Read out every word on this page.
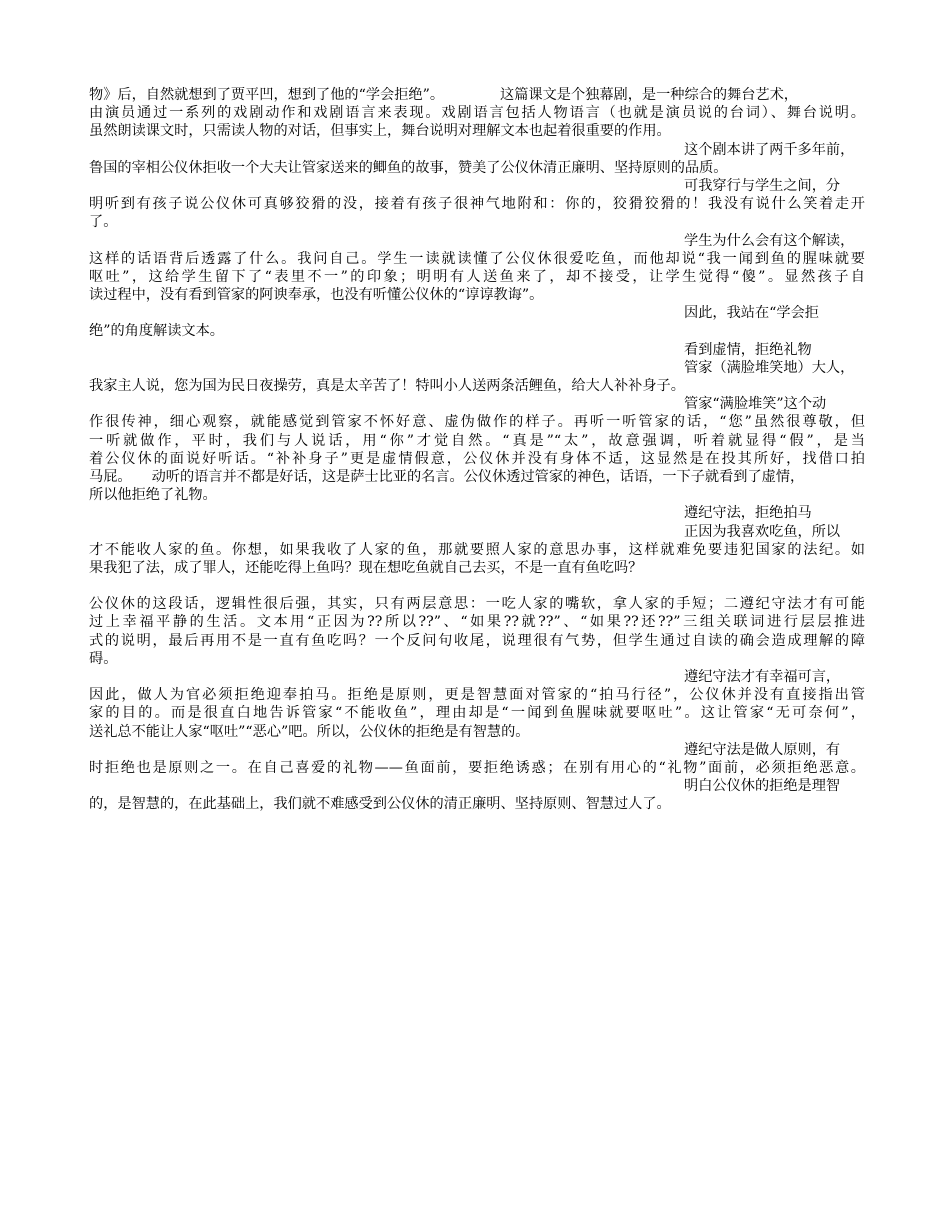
物》后，自然就想到了贾平凹，想到了他的“学会拒绝”。	这篇课文是个独幕剧，是一种综合的舞台艺术，
由演员通过一系列的戏剧动作和戏剧语言来表现。戏剧语言包括人物语言（也就是演员说的台词）、舞台说明。
虽然朗读课文时，只需读人物的对话，但事实上，舞台说明对理解文本也起着很重要的作用。
这个剧本讲了两千多年前，
鲁国的宰相公仪休拒收一个大夫让管家送来的鲫鱼的故事，赞美了公仪休清正廉明、坚持原则的品质。
可我穿行与学生之间，分
明听到有孩子说公仪休可真够狡猾的没，接着有孩子很神气地附和：你的，狡猾狡猾的！我没有说什么笑着走开
了。
学生为什么会有这个解读，
这样的话语背后透露了什么。我问自己。学生一读就读懂了公仪休很爱吃鱼，而他却说“我一闻到鱼的腥味就要
呕吐”，这给学生留下了“表里不一”的印象；明明有人送鱼来了，却不接受，让学生觉得“傻”。显然孩子自
读过程中，没有看到管家的阿谀奉承，也没有听懂公仪休的“谆谆教诲”。
因此，我站在“学会拒
绝”的角度解读文本。
看到虚情，拒绝礼物
管家（满脸堆笑地）大人，
我家主人说，您为国为民日夜操劳，真是太辛苦了！特叫小人送两条活鲤鱼，给大人补补身子。
管家“满脸堆笑”这个动
作很传神，细心观察，就能感觉到管家不怀好意、虚伪做作的样子。再听一听管家的话，“您”虽然很尊敬，但
一听就做作，平时，我们与人说话，用“你”才觉自然。“真是”“太”，故意强调，听着就显得“假”，是当
着公仪休的面说好听话。“补补身子”更是虚情假意，公仪休并没有身体不适，这显然是在投其所好，找借口拍
马屁。 动听的语言并不都是好话，这是萨士比亚的名言。公仪休透过管家的神色，话语，一下子就看到了虚情，
所以他拒绝了礼物。
遵纪守法，拒绝拍马
正因为我喜欢吃鱼，所以
才不能收人家的鱼。你想，如果我收了人家的鱼，那就要照人家的意思办事，这样就难免要违犯国家的法纪。如
果我犯了法，成了罪人，还能吃得上鱼吗？现在想吃鱼就自己去买，不是一直有鱼吃吗？
公仪休的这段话，逻辑性很后强，其实，只有两层意思：一吃人家的嘴软，拿人家的手短；二遵纪守法才有可能
过上幸福平静的生活。文本用“正因为??所以??”、“如果??就??”、“如果??还??”三组关联词进行层层推进
式的说明，最后再用不是一直有鱼吃吗？一个反问句收尾，说理很有气势，但学生通过自读的确会造成理解的障
碍。
遵纪守法才有幸福可言，
因此，做人为官必须拒绝迎奉拍马。拒绝是原则，更是智慧面对管家的“拍马行径”，公仪休并没有直接指出管
家的目的。而是很直白地告诉管家“不能收鱼”，理由却是“一闻到鱼腥味就要呕吐”。这让管家“无可奈何”，
送礼总不能让人家“呕吐”“恶心”吧。所以，公仪休的拒绝是有智慧的。
遵纪守法是做人原则，有
时拒绝也是原则之一。在自己喜爱的礼物——鱼面前，要拒绝诱惑；在别有用心的“礼物”面前，必须拒绝恶意。
明白公仪休的拒绝是理智
的，是智慧的，在此基础上，我们就不难感受到公仪休的清正廉明、坚持原则、智慧过人了。
